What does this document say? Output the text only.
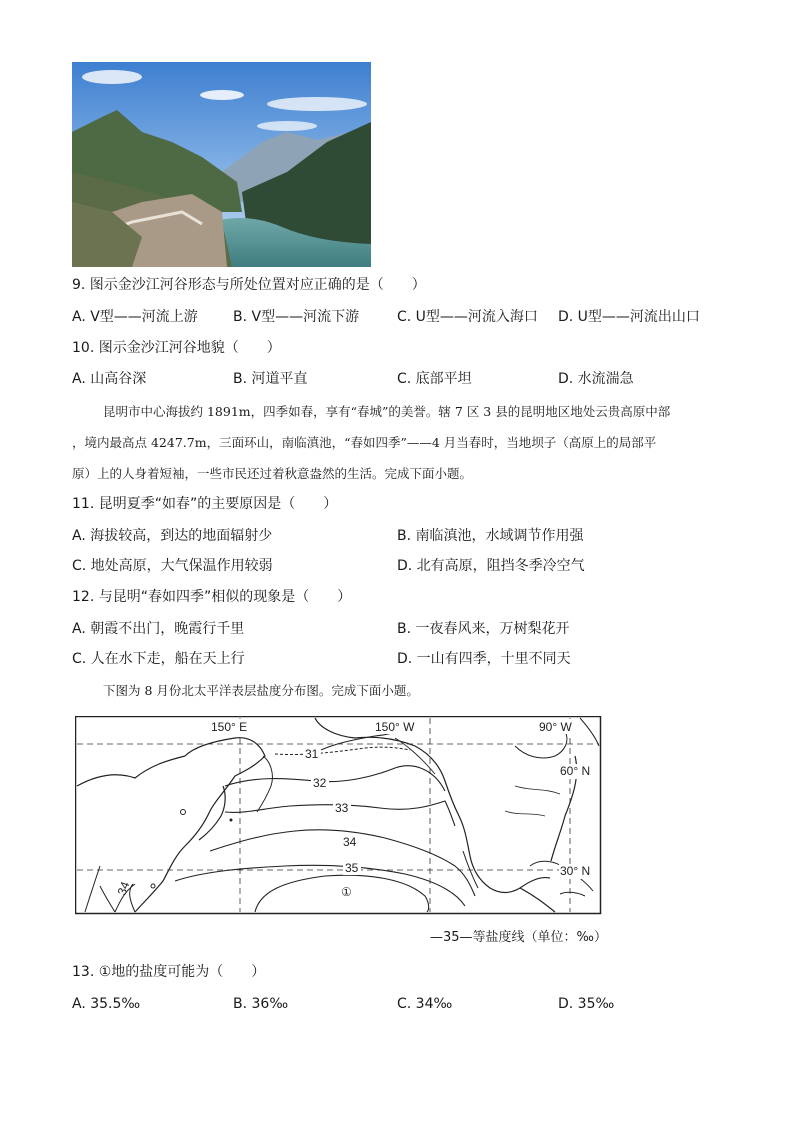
9. 图示金沙江河谷形态与所处位置对应正确的是（　　）
A. V型——河流上游	B. V型——河流下游	C. U型——河流入海口 D. U型——河流出山口
10. 图示金沙江河谷地貌（　　）
A. 山高谷深	B. 河道平直	C. 底部平坦	D. 水流湍急
昆明市中心海拔约 1891m，四季如春，享有“春城”的美誉。辖 7 区 3 县的昆明地区地处云贵高原中部
，境内最高点 4247.7m，三面环山，南临滇池，“春如四季”——4 月当春时，当地坝子（高原上的局部平
原）上的人身着短袖，一些市民还过着秋意盎然的生活。完成下面小题。
11. 昆明夏季“如春”的主要原因是（　　）
A. 海拔较高，到达的地面辐射少	B. 南临滇池，水域调节作用强
C. 地处高原，大气保温作用较弱	D. 北有高原，阻挡冬季冷空气
12. 与昆明“春如四季”相似的现象是（　　）
A. 朝霞不出门，晚霞行千里	B. 一夜春风来，万树梨花开
C. 人在水下走，船在天上行	D. 一山有四季，十里不同天
下图为 8 月份北太平洋表层盐度分布图。完成下面小题。
31
32
33
34
35
34	①
150° E	150° W	90° W
60° N
30° N
—35—等盐度线（单位：‰）
13. ①地的盐度可能为（　　）
A. 35.5‰	B. 36‰	C. 34‰	D. 35‰
